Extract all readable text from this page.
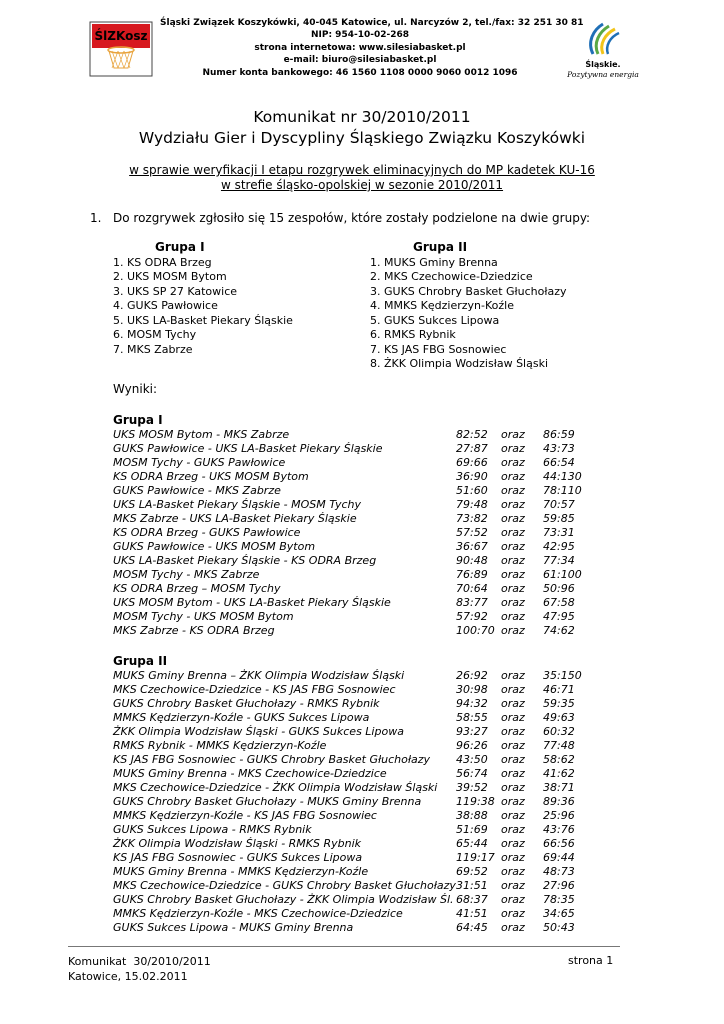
ŚlZKosz
Śląski Związek Koszykówki, 40-045 Katowice, ul. Narcyzów 2, tel./fax: 32 251 30 81
NIP: 954-10-02-268
strona internetowa: www.silesiabasket.pl
e-mail: biuro@silesiabasket.pl
Numer konta bankowego: 46 1560 1108 0000 9060 0012 1096
Śląskie.
Pozytywna energia
Komunikat nr 30/2010/2011
Wydziału Gier i Dyscypliny Śląskiego Związku Koszykówki
w sprawie weryfikacji I etapu rozgrywek eliminacyjnych do MP kadetek KU-16
w strefie śląsko-opolskiej w sezonie 2010/2011
1. Do rozgrywek zgłosiło się 15 zespołów, które zostały podzielone na dwie grupy:
Grupa I
1. KS ODRA Brzeg
2. UKS MOSM Bytom
3. UKS SP 27 Katowice
4. GUKS Pawłowice
5. UKS LA-Basket Piekary Śląskie
6. MOSM Tychy
7. MKS Zabrze
Grupa II
1. MUKS Gminy Brenna
2. MKS Czechowice-Dziedzice
3. GUKS Chrobry Basket Głuchołazy
4. MMKS Kędzierzyn-Koźle
5. GUKS Sukces Lipowa
6. RMKS Rybnik
7. KS JAS FBG Sosnowiec
8. ŻKK Olimpia Wodzisław Śląski
Wyniki:
Grupa I
UKS MOSM Bytom - MKS Zabrze	82:52 oraz 86:59
GUKS Pawłowice - UKS LA-Basket Piekary Śląskie	27:87 oraz 43:73
MOSM Tychy - GUKS Pawłowice	69:66 oraz 66:54
KS ODRA Brzeg - UKS MOSM Bytom	36:90 oraz 44:130
GUKS Pawłowice - MKS Zabrze	51:60 oraz 78:110
UKS LA-Basket Piekary Śląskie - MOSM Tychy	79:48 oraz 70:57
MKS Zabrze - UKS LA-Basket Piekary Śląskie	73:82 oraz 59:85
KS ODRA Brzeg - GUKS Pawłowice	57:52 oraz 73:31
GUKS Pawłowice - UKS MOSM Bytom	36:67 oraz 42:95
UKS LA-Basket Piekary Śląskie - KS ODRA Brzeg	90:48 oraz 77:34
MOSM Tychy - MKS Zabrze	76:89 oraz 61:100
KS ODRA Brzeg – MOSM Tychy	70:64 oraz 50:96
UKS MOSM Bytom - UKS LA-Basket Piekary Śląskie	83:77 oraz 67:58
MOSM Tychy - UKS MOSM Bytom	57:92 oraz 47:95
MKS Zabrze - KS ODRA Brzeg	100:70 oraz 74:62
Grupa II
MUKS Gminy Brenna – ŻKK Olimpia Wodzisław Śląski	26:92 oraz 35:150
MKS Czechowice-Dziedzice - KS JAS FBG Sosnowiec	30:98 oraz 46:71
GUKS Chrobry Basket Głuchołazy - RMKS Rybnik	94:32 oraz 59:35
MMKS Kędzierzyn-Koźle - GUKS Sukces Lipowa	58:55 oraz 49:63
ŻKK Olimpia Wodzisław Śląski - GUKS Sukces Lipowa	93:27 oraz 60:32
RMKS Rybnik - MMKS Kędzierzyn-Koźle	96:26 oraz 77:48
KS JAS FBG Sosnowiec - GUKS Chrobry Basket Głuchołazy 43:50 oraz 58:62
MUKS Gminy Brenna - MKS Czechowice-Dziedzice	56:74 oraz 41:62
MKS Czechowice-Dziedzice - ŻKK Olimpia Wodzisław Śląski 39:52 oraz 38:71
GUKS Chrobry Basket Głuchołazy - MUKS Gminy Brenna	119:38 oraz 89:36
MMKS Kędzierzyn-Koźle - KS JAS FBG Sosnowiec	38:88 oraz 25:96
GUKS Sukces Lipowa - RMKS Rybnik	51:69 oraz 43:76
ŻKK Olimpia Wodzisław Śląski - RMKS Rybnik	65:44 oraz 66:56
KS JAS FBG Sosnowiec - GUKS Sukces Lipowa	119:17 oraz 69:44
MUKS Gminy Brenna - MMKS Kędzierzyn-Koźle	69:52 oraz 48:73
MKS Czechowice-Dziedzice - GUKS Chrobry Basket Głuchołazy 31:51 oraz 27:96
GUKS Chrobry Basket Głuchołazy - ŻKK Olimpia Wodzisław Śl. 68:37 oraz 78:35
MMKS Kędzierzyn-Koźle - MKS Czechowice-Dziedzice	41:51 oraz 34:65
GUKS Sukces Lipowa - MUKS Gminy Brenna	64:45 oraz 50:43
Komunikat  30/2010/2011
Katowice, 15.02.2011
strona 1
